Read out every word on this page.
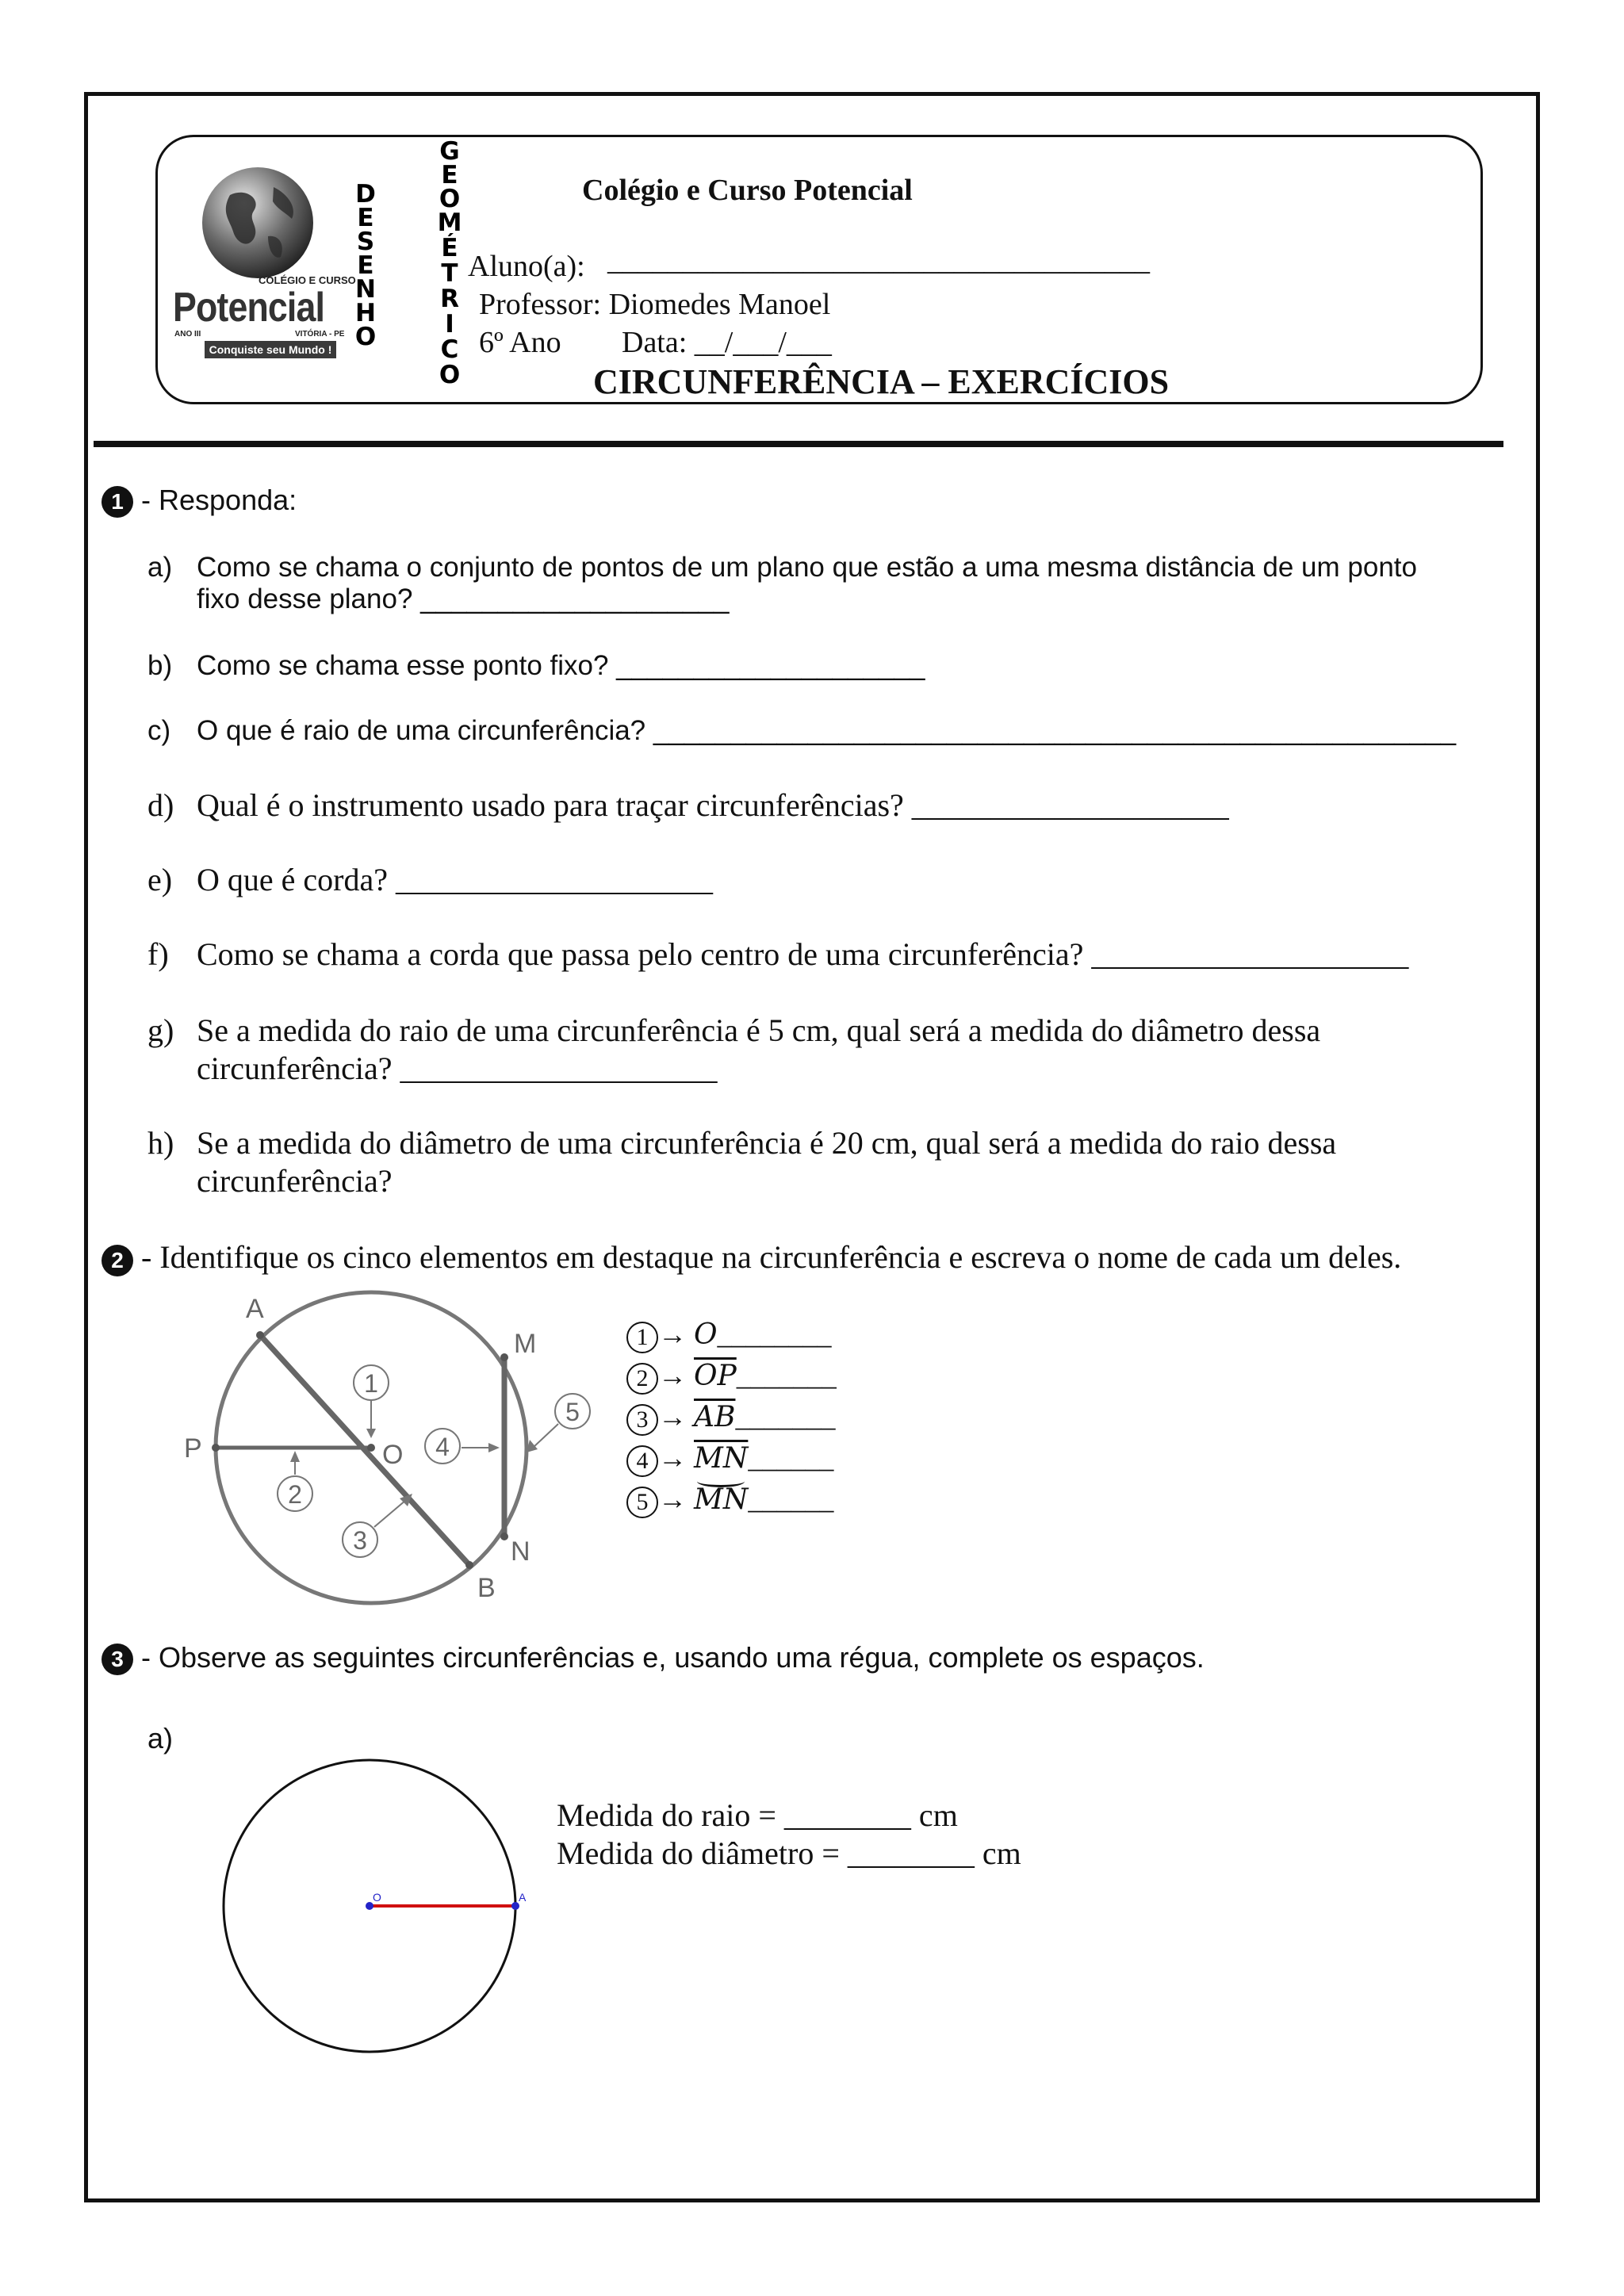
COLÉGIO E CURSO
Potencial
ANO III	VITÓRIA - PE
Conquiste seu Mundo !
D
E
S
E
N
H
O
G
E
O
M
É
T
R
I
C
O
Colégio e Curso Potencial
Aluno(a): ____________________________________
Professor: Diomedes Manoel
6º Ano Data: __/___/___
CIRCUNFERÊNCIA – EXERCÍCIOS
1 - Responda:
a) Como se chama o conjunto de pontos de um plano que estão a uma mesma distância de um ponto
fixo desse plano? ____________________
b) Como se chama esse ponto fixo? ____________________
c) O que é raio de uma circunferência? ____________________________________________________
d) Qual é o instrumento usado para traçar circunferências? ____________________
e) O que é corda? ____________________
f) Como se chama a corda que passa pelo centro de uma circunferência? ____________________
g) Se a medida do raio de uma circunferência é 5 cm, qual será a medida do diâmetro dessa
circunferência? ____________________
h) Se a medida do diâmetro de uma circunferência é 20 cm, qual será a medida do raio dessa
circunferência?
2 - Identifique os cinco elementos em destaque na circunferência e escreva o nome de cada um deles.
A
B
P	O
M
N
1
2
3
4
5
1 → O________
$2 \to \overline{OP}\_\_\_\_\_\_\_$
$3 \to \overline{AB}\_\_\_\_\_\_\_$
$4 \to \overline{MN}\_\_\_\_\_\_$
5 → MN______
3 - Observe as seguintes circunferências e, usando uma régua, complete os espaços.
a)
O	A
Medida do raio = ________ cm
Medida do diâmetro = ________ cm
